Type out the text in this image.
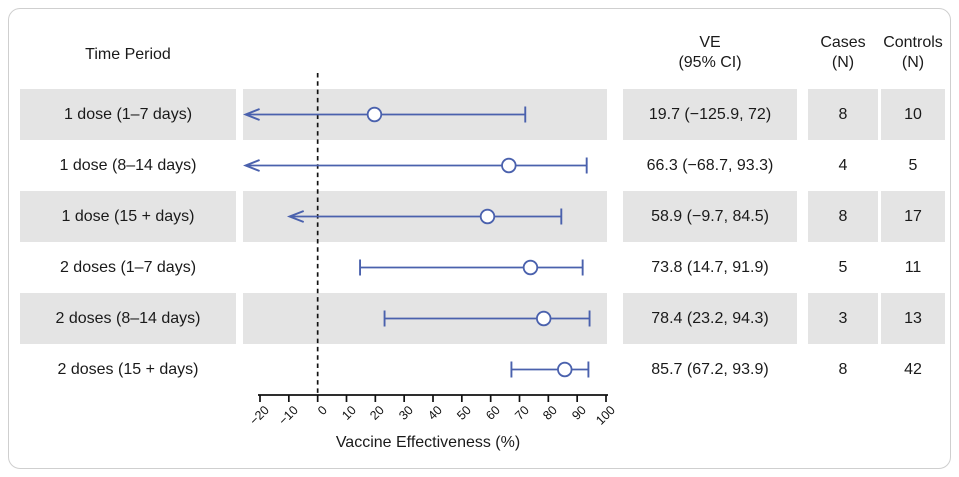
Time Period
VE
(95% CI)
Cases
(N)
Controls
(N)
1 dose (1–7 days)	19.7 (−125.9, 72)	8	10
1 dose (8–14 days)	66.3 (−68.7, 93.3)	4	5
1 dose (15 + days)	58.9 (−9.7, 84.5)	8	17
2 doses (1–7 days)	73.8 (14.7, 91.9)	5	11
2 doses (8–14 days)	78.4 (23.2, 94.3)	3	13
2 doses (15 + days)	85.7 (67.2, 93.9)	8	42
−20 −10	0 10 20 30 40 50 60 70 80 90 100
Vaccine Effectiveness (%)
